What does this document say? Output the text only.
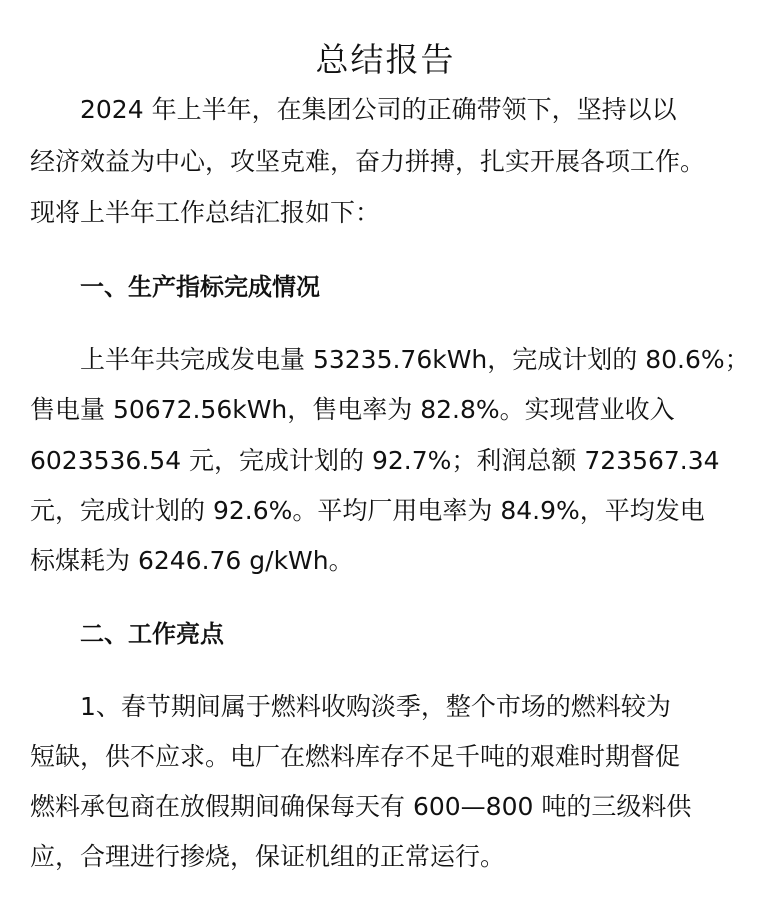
总结报告

2024 年上半年，在集团公司的正确带领下，坚持以以

经济效益为中心，攻坚克难，奋力拼搏，扎实开展各项工作。

现将上半年工作总结汇报如下：

一、生产指标完成情况

上半年共完成发电量 53235.76kWh，完成计划的 80.6%；

售电量 50672.56kWh，售电率为 82.8%。实现营业收入

6023536.54 元，完成计划的 92.7%；利润总额 723567.34

元，完成计划的 92.6%。平均厂用电率为 84.9%，平均发电

标煤耗为 6246.76 g/kWh。

二、工作亮点

1、春节期间属于燃料收购淡季，整个市场的燃料较为

短缺，供不应求。电厂在燃料库存不足千吨的艰难时期督促

燃料承包商在放假期间确保每天有 600—800 吨的三级料供

应，合理进行掺烧，保证机组的正常运行。
